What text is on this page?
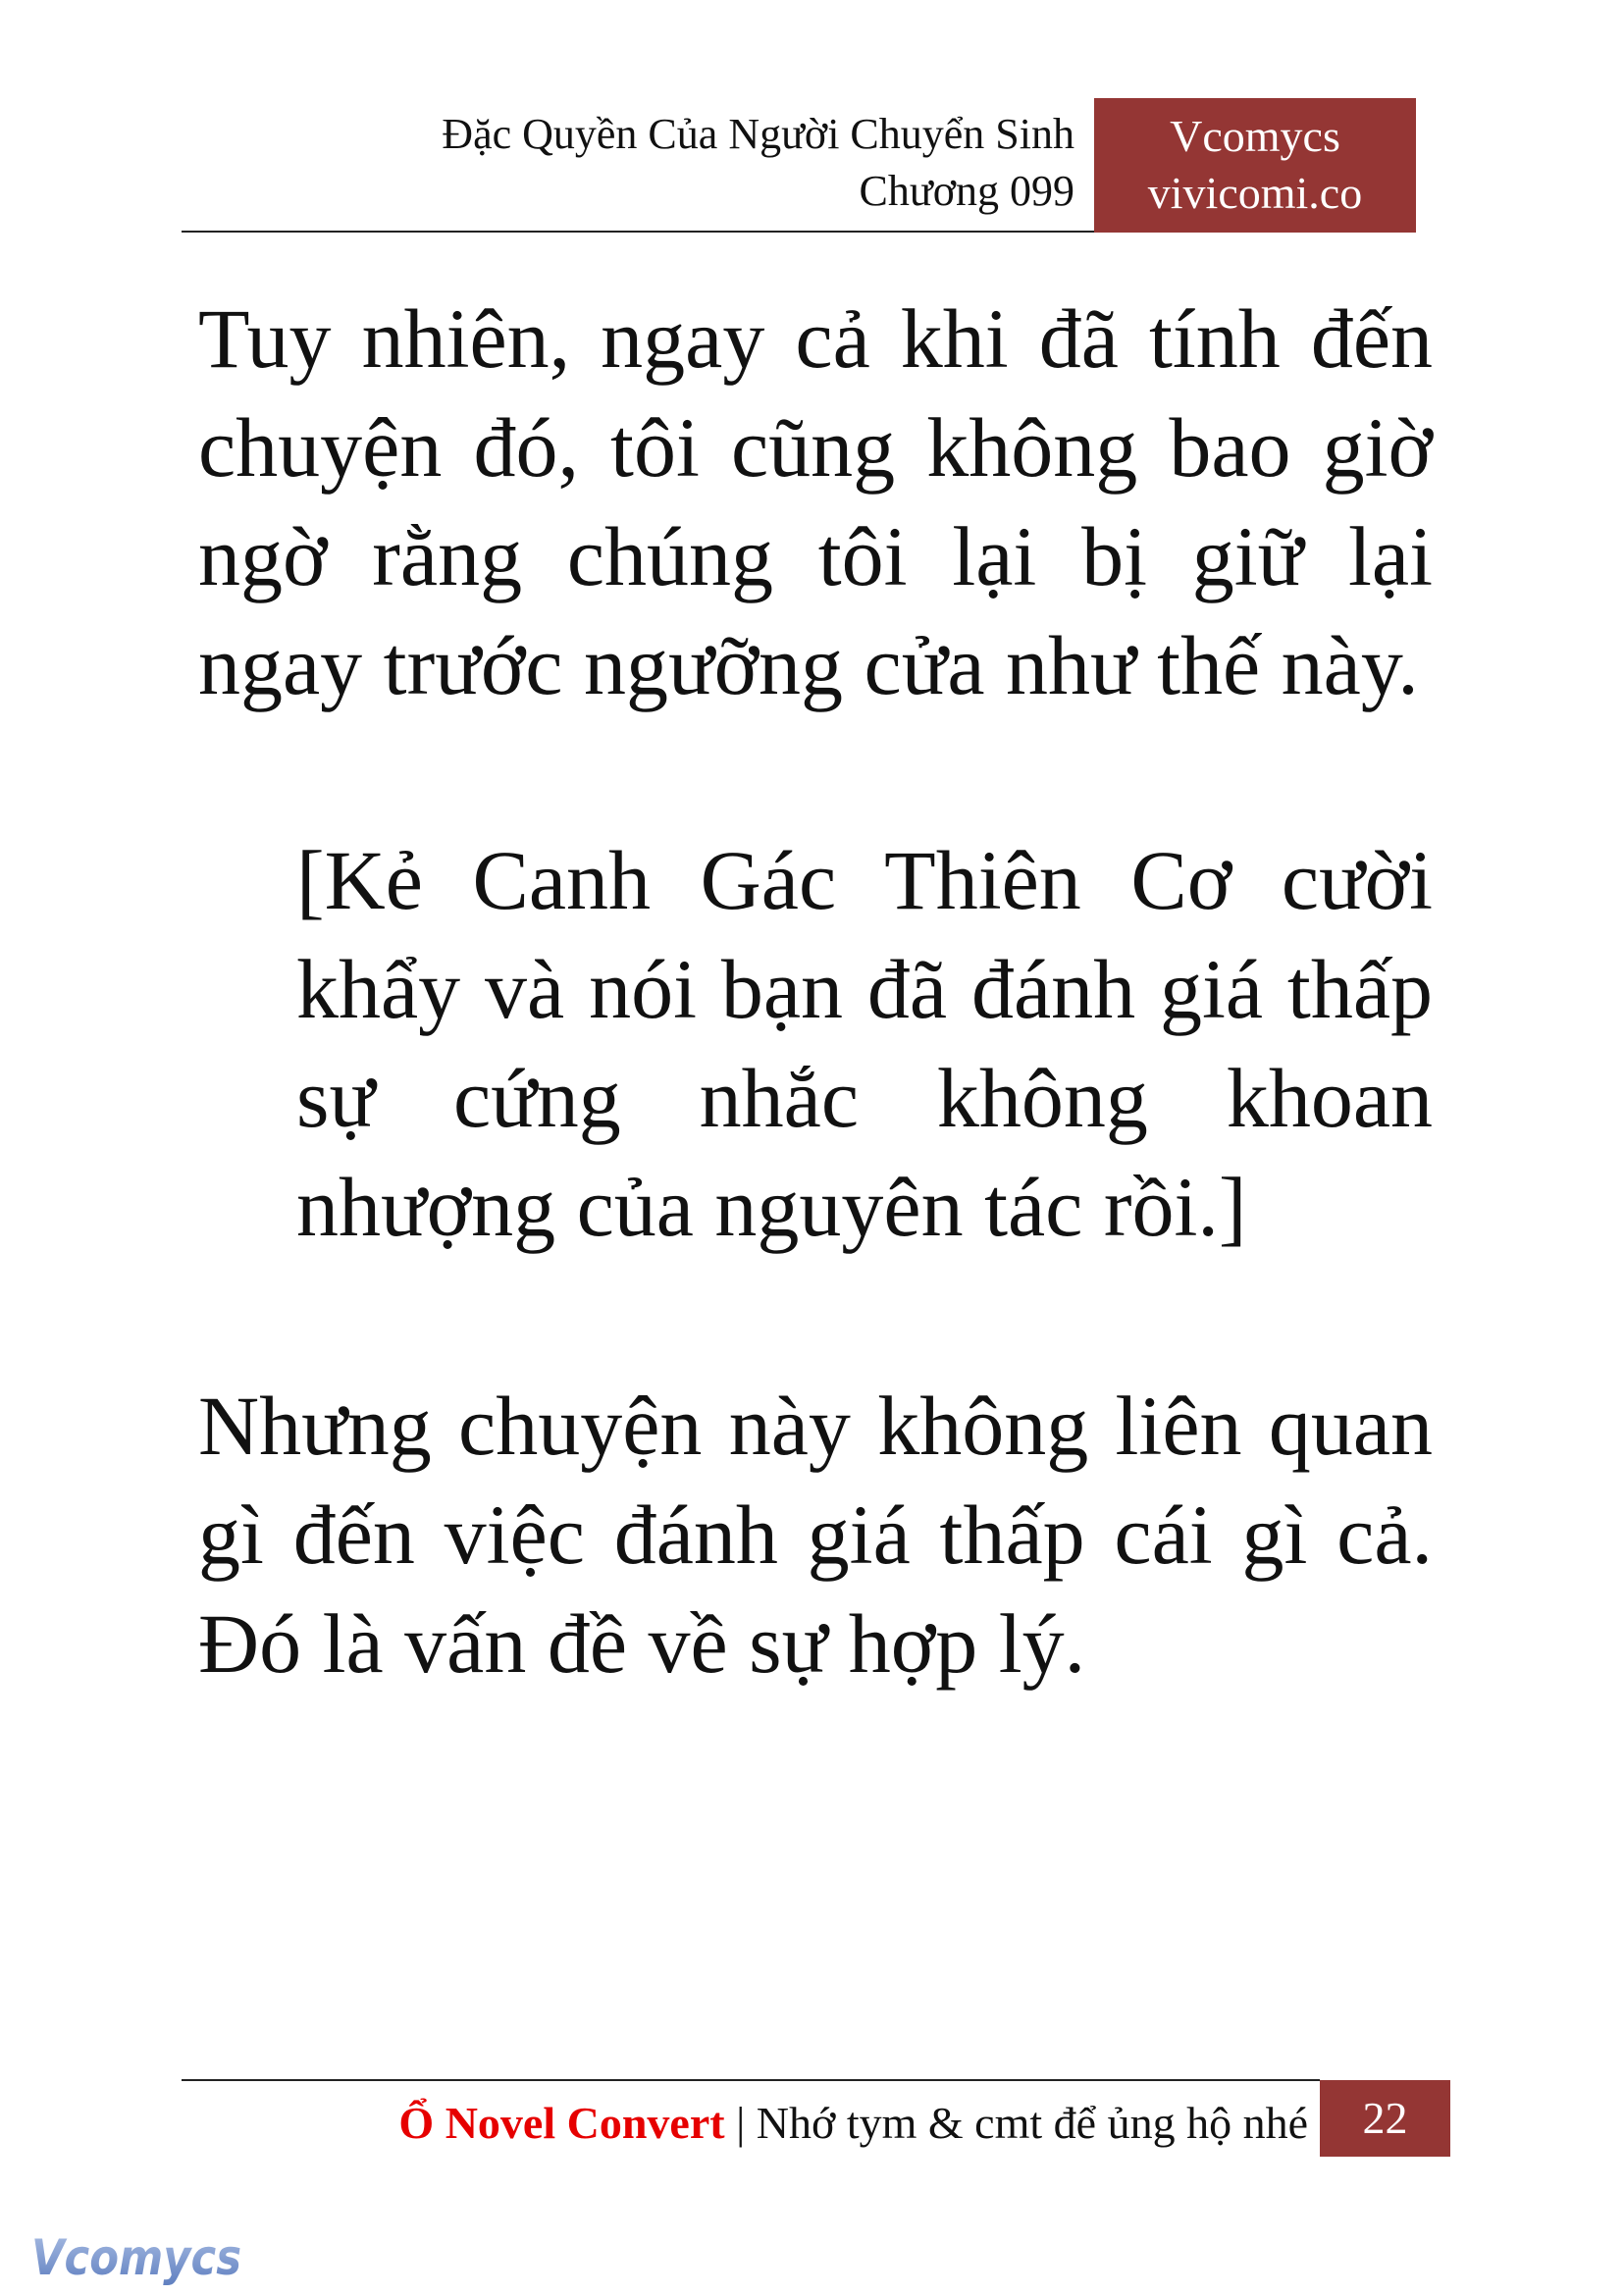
Đặc Quyền Của Người Chuyển Sinh
Chương 099
Vcomycs
vivicomi.co

Tuy nhiên, ngay cả khi đã tính đến chuyện đó, tôi cũng không bao giờ ngờ rằng chúng tôi lại bị giữ lại ngay trước ngưỡng cửa như thế này.

[Kẻ Canh Gác Thiên Cơ cười khẩy và nói bạn đã đánh giá thấp sự cứng nhắc không khoan nhượng của nguyên tác rồi.]

Nhưng chuyện này không liên quan gì đến việc đánh giá thấp cái gì cả. Đó là vấn đề về sự hợp lý.

Ổ Novel Convert | Nhớ tym & cmt để ủng hộ nhé	22
Vcomycs
